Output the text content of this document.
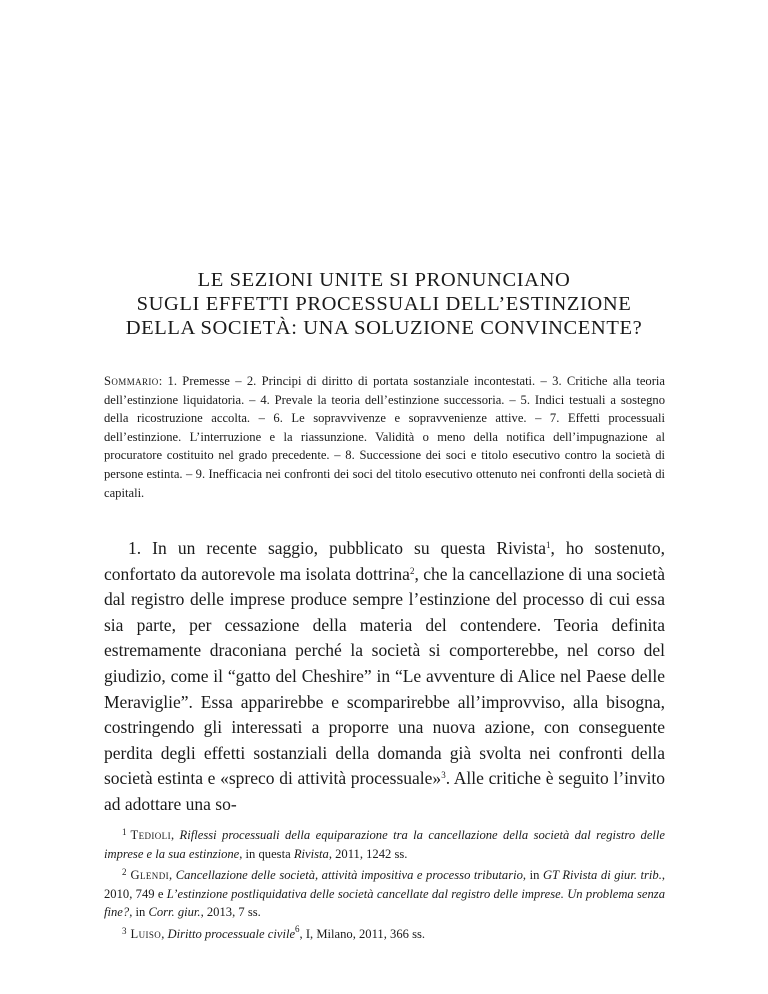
LE SEZIONI UNITE SI PRONUNCIANO
SUGLI EFFETTI PROCESSUALI DELL’ESTINZIONE
DELLA SOCIETÀ: UNA SOLUZIONE CONVINCENTE?
Sommario: 1. Premesse – 2. Principi di diritto di portata sostanziale incontestati. – 3. Critiche alla teoria dell’estinzione liquidatoria. – 4. Prevale la teoria dell’estinzione successoria. – 5. Indici testuali a sostegno della ricostruzione accolta. – 6. Le sopravvivenze e sopravvenienze attive. – 7. Effetti processuali dell’estinzione. L’interruzione e la riassunzione. Validità o meno della notifica dell’impugnazione al procuratore costituito nel grado precedente. – 8. Successione dei soci e titolo esecutivo contro la società di persone estinta. – 9. Inefficacia nei confronti dei soci del titolo esecutivo ottenuto nei confronti della società di capitali.
1. In un recente saggio, pubblicato su questa Rivista$^1$, ho sostenuto, confortato da autorevole ma isolata dottrina$^2$, che la cancellazione di una società dal registro delle imprese produce sempre l’estinzione del processo di cui essa sia parte, per cessazione della materia del contendere. Teoria definita estremamente draconiana perché la società si comporterebbe, nel corso del giudizio, come il “gatto del Cheshire” in “Le avventure di Alice nel Paese delle Meraviglie”. Essa apparirebbe e scomparirebbe all’improvviso, alla bisogna, costringendo gli interessati a proporre una nuova azione, con conseguente perdita degli effetti sostanziali della domanda già svolta nei confronti della società estinta e «spreco di attività processuale»$^3$. Alle critiche è seguito l’invito ad adottare una so-
$^1$ Tedioli, Riflessi processuali della equiparazione tra la cancellazione della società dal registro delle imprese e la sua estinzione, in questa Rivista, 2011, 1242 ss.
$^2$ Glendi, Cancellazione delle società, attività impositiva e processo tributario, in GT Rivista di giur. trib., 2010, 749 e L’estinzione postliquidativa delle società cancellate dal registro delle imprese. Un problema senza fine?, in Corr. giur., 2013, 7 ss.
$^3$ Luiso, Diritto processuale civile$^6$, I, Milano, 2011, 366 ss.
